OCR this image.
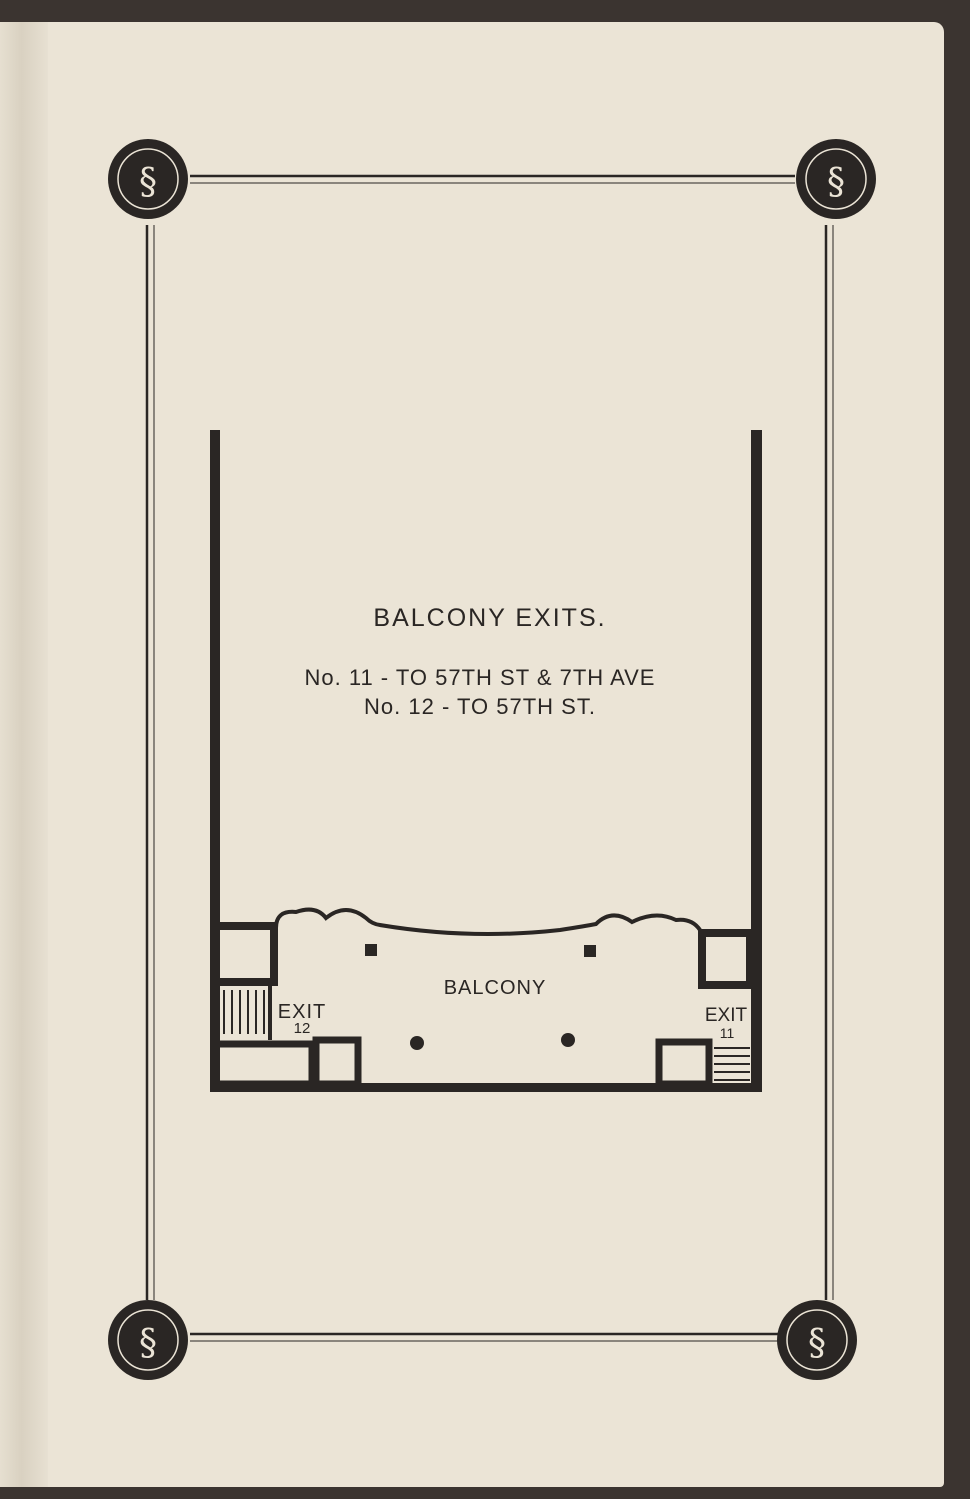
§	§
§	§
BALCONY EXITS.
No. 11 - TO 57TH ST & 7TH AVE
No. 12 - TO 57TH ST.
BALCONY
EXIT
12
EXIT
11
